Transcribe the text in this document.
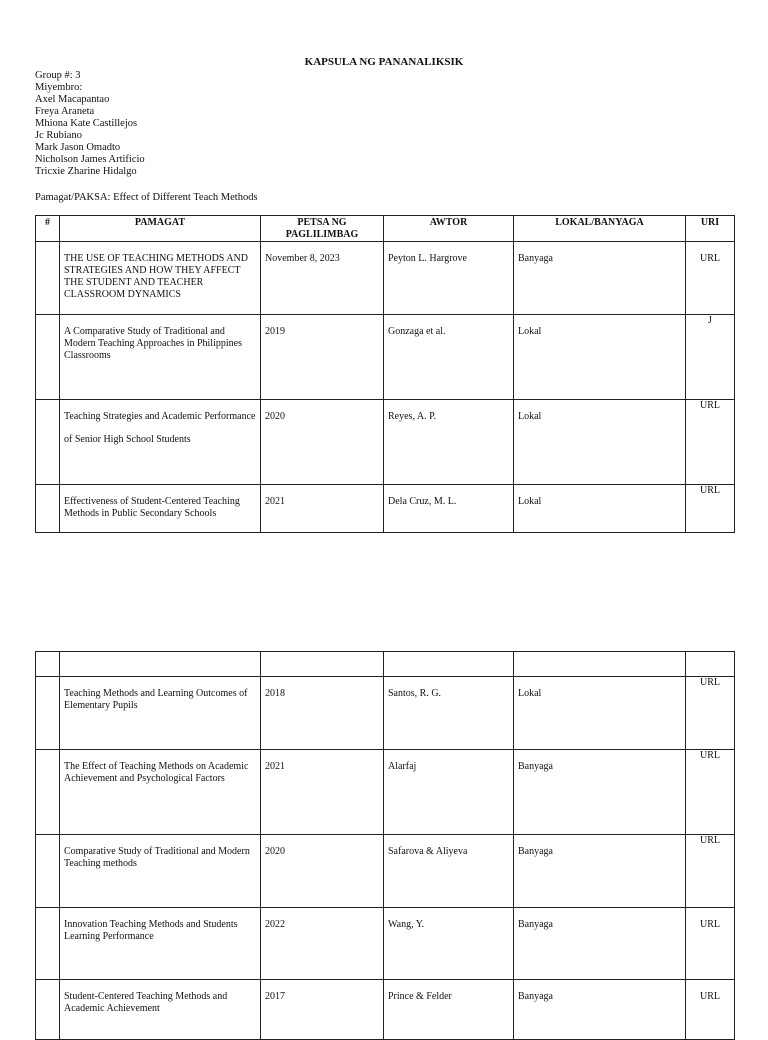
KAPSULA NG PANANALIKSIK
Group #: 3
Miyembro:
Axel Macapantao
Freya Araneta
Mhiona Kate Castillejos
Jc Rubiano
Mark Jason Omadto
Nicholson James Artificio
Tricxie Zharine Hidalgo
Pamagat/PAKSA: Effect of Different Teach Methods
#	PAMAGAT	PETSA NG PAGLILIMBAG	AWTOR	LOKAL/BANYAGA	URI
	THE USE OF TEACHING METHODS AND STRATEGIES AND HOW THEY AFFECT THE STUDENT AND TEACHER CLASSROOM DYNAMICS	November 8, 2023	Peyton L. Hargrove	Banyaga	URL
	A Comparative Study of Traditional and Modern Teaching Approaches in Philippines Classrooms	2019	Gonzaga et al.	Lokal	J
	Teaching Strategies and Academic Performance
of Senior High School Students	2020	Reyes, A. P.	Lokal	URL
	Effectiveness of Student-Centered Teaching Methods in Public Secondary Schools	2021	Dela Cruz, M. L.	Lokal	URL

	Teaching Methods and Learning Outcomes of Elementary Pupils	2018	Santos, R. G.	Lokal	URL
	The Effect of Teaching Methods on Academic Achievement and Psychological Factors	2021	Alarfaj	Banyaga	URL
	Comparative Study of Traditional and Modern Teaching methods	2020	Safarova & Aliyeva	Banyaga	URL
	Innovation Teaching Methods and Students Learning Performance	2022	Wang, Y.	Banyaga	URL
	Student-Centered Teaching Methods and Academic Achievement	2017	Prince & Felder	Banyaga	URL
